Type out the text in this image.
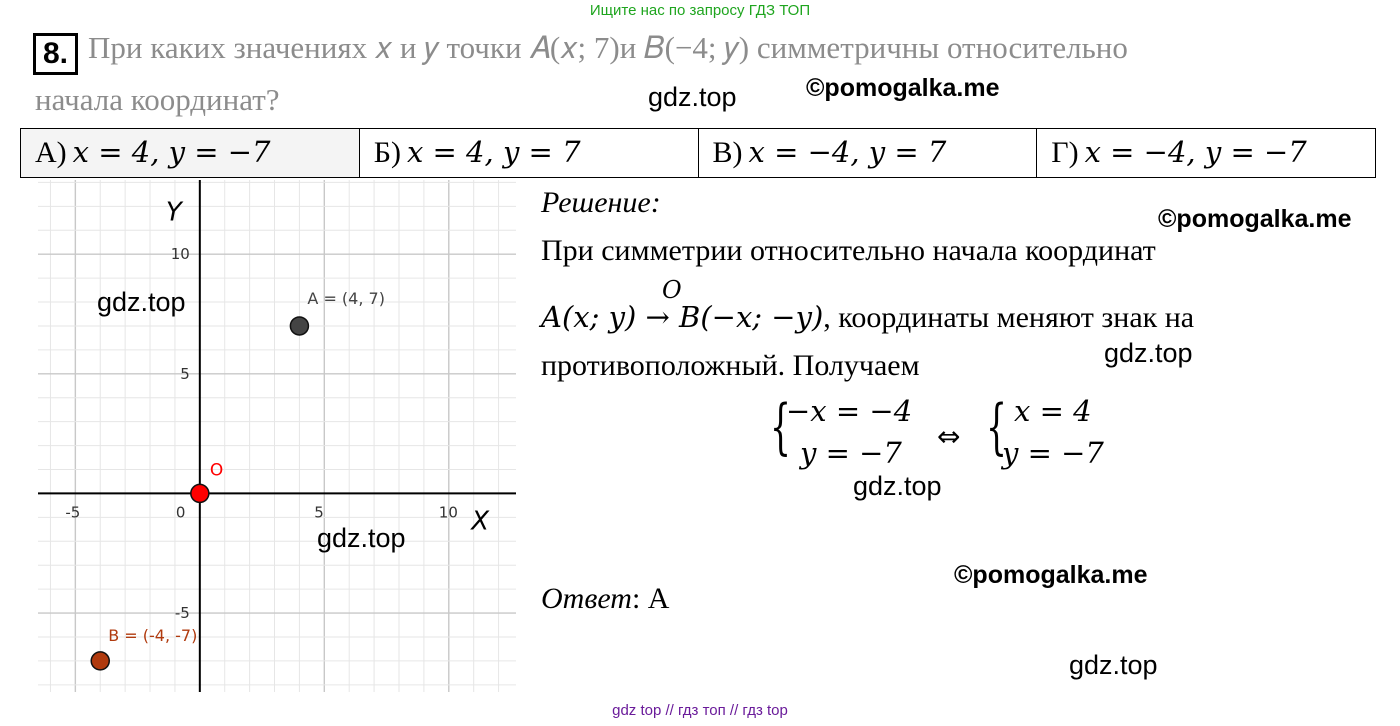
Ищите нас по запросу ГДЗ ТОП
8. При каких значениях 𝑥 и 𝑦 точки 𝐴(𝑥; 7)и 𝐵(−4; 𝑦) симметричны относительно
начала координат?	gdz.top	©pomogalka.me
А) 𝑥 = 4, 𝑦 = −7	Б) 𝑥 = 4, 𝑦 = 7	В) 𝑥 = −4, 𝑦 = 7	Г) 𝑥 = −4, 𝑦 = −7
-5	0	5	10
10
5
-5
A = (4, 7)
O
B = (-4, -7)
X
Y
gdz.top
gdz.top
Решение:	©pomogalka.me
При симметрии относительно начала координат
𝑂
𝐴(𝑥; 𝑦) → 𝐵(−𝑥; −𝑦), координаты меняют знак на
gdz.top
противоположный. Получаем
{
−𝑥 = −4
𝑦 = −7 ⇔ { 𝑥 = 4
𝑦 = −7
gdz.top
©pomogalka.me
Ответ: А
gdz.top
gdz top // гдз топ // гдз top
